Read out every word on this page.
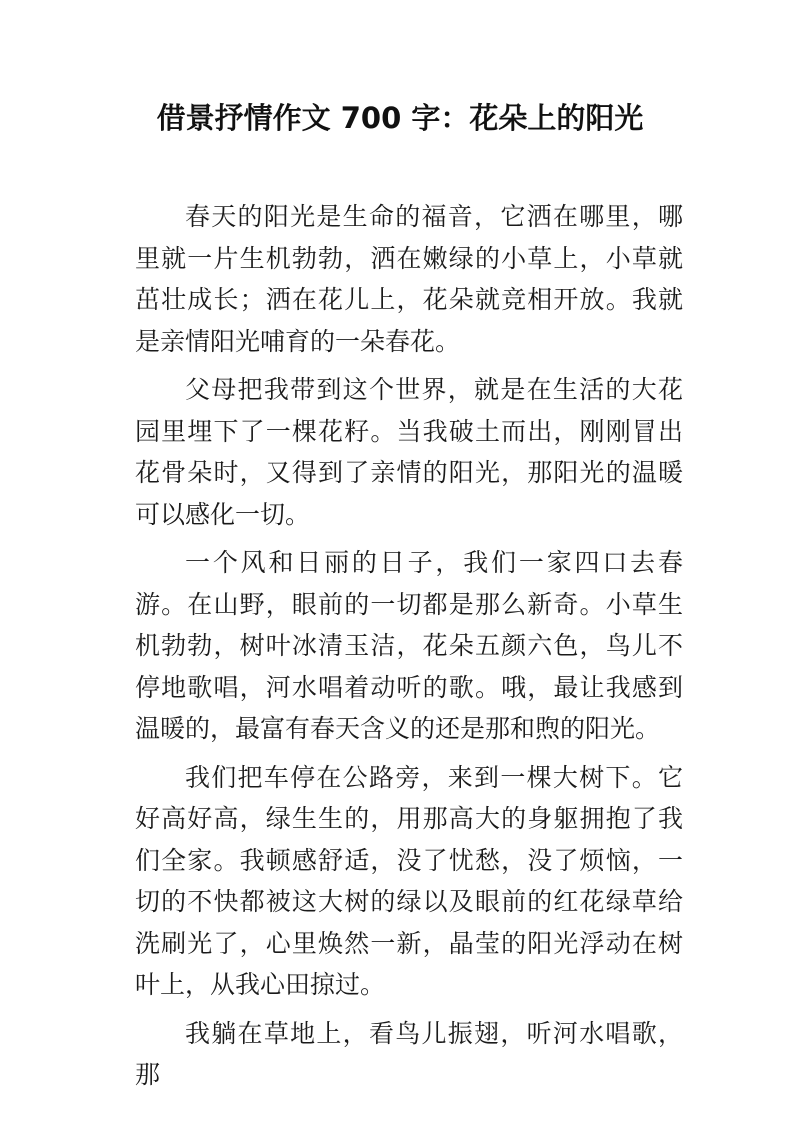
借景抒情作文 700 字：花朵上的阳光

春天的阳光是生命的福音，它洒在哪里，哪里就一片生机勃勃，洒在嫩绿的小草上，小草就茁壮成长；洒在花儿上，花朵就竞相开放。我就是亲情阳光哺育的一朵春花。

父母把我带到这个世界，就是在生活的大花园里埋下了一棵花籽。当我破土而出，刚刚冒出花骨朵时，又得到了亲情的阳光，那阳光的温暖可以感化一切。

一个风和日丽的日子，我们一家四口去春游。在山野，眼前的一切都是那么新奇。小草生机勃勃，树叶冰清玉洁，花朵五颜六色，鸟儿不停地歌唱，河水唱着动听的歌。哦，最让我感到温暖的，最富有春天含义的还是那和煦的阳光。

我们把车停在公路旁，来到一棵大树下。它好高好高，绿生生的，用那高大的身躯拥抱了我们全家。我顿感舒适，没了忧愁，没了烦恼，一切的不快都被这大树的绿以及眼前的红花绿草给洗刷光了，心里焕然一新，晶莹的阳光浮动在树叶上，从我心田掠过。

我躺在草地上，看鸟儿振翅，听河水唱歌，那
